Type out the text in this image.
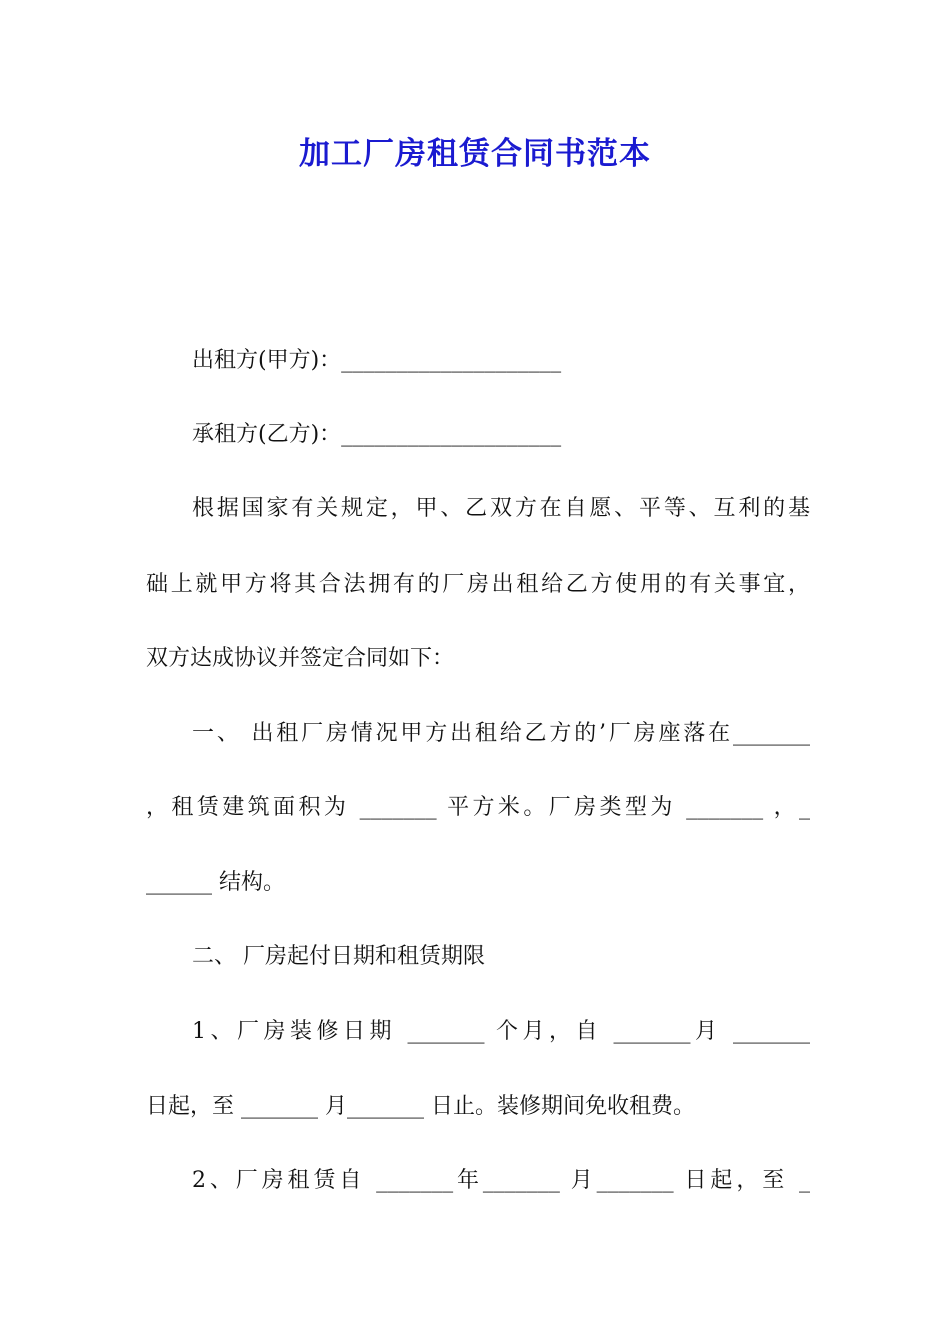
加工厂房租赁合同书范本
出租方(甲方)：____________________
承租方(乙方)：____________________
根据国家有关规定，甲、乙双方在自愿、平等、互利的基
础上就甲方将其合法拥有的厂房出租给乙方使用的有关事宜，
双方达成协议并签定合同如下：
一、 出租厂房情况甲方出租给乙方的’厂房座落在_______
，租赁建筑面积为 _______ 平方米。厂房类型为 _______ ，_
______ 结构。
二、 厂房起付日期和租赁期限
1、厂房装修日期 _______ 个月，自 _______月 _______
日起，至 _______ 月_______ 日止。装修期间免收租费。
2、厂房租赁自 _______年_______ 月_______ 日起，至 _
